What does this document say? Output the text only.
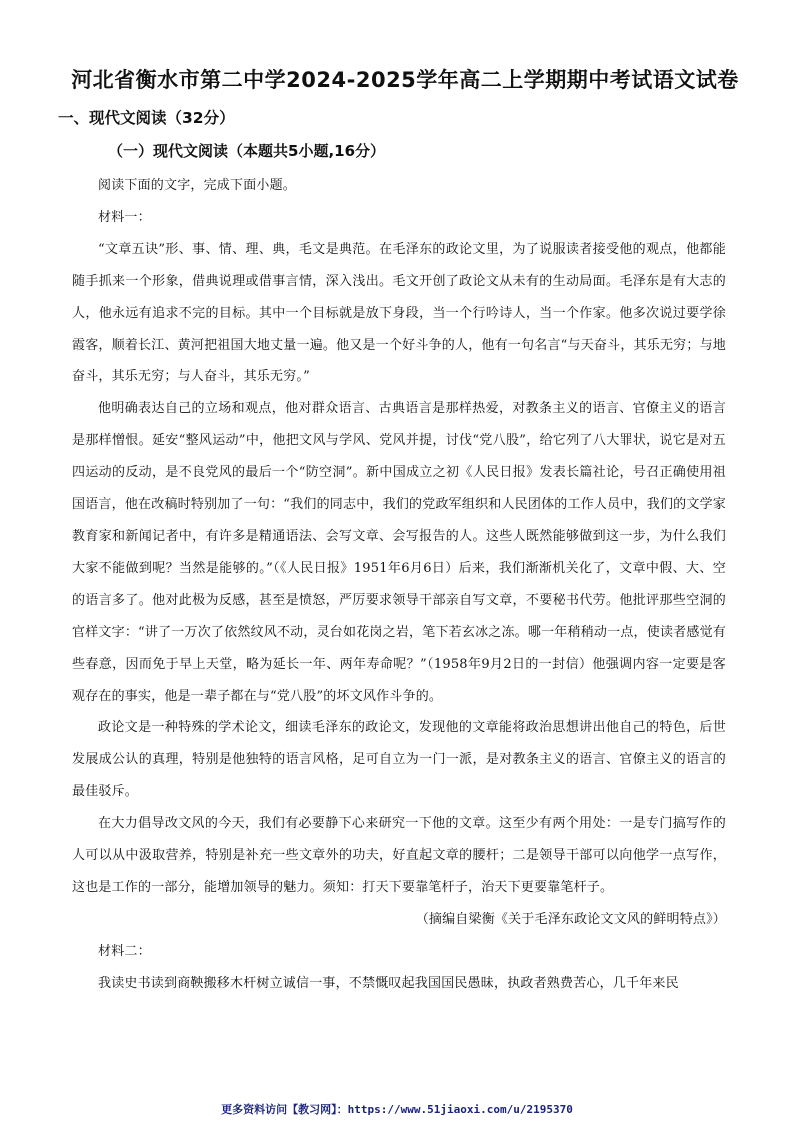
河北省衡水市第二中学2024-2025学年高二上学期期中考试语文试卷
一、现代文阅读（32分）
（一）现代文阅读（本题共5小题,16分）

阅读下面的文字，完成下面小题。

材料一：

“文章五诀”形、事、情、理、典，毛文是典范。在毛泽东的政论文里，为了说服读者接受他的观点，他都能随手抓来一个形象，借典说理或借事言情，深入浅出。毛文开创了政论文从未有的生动局面。毛泽东是有大志的人，他永远有追求不完的目标。其中一个目标就是放下身段，当一个行吟诗人，当一个作家。他多次说过要学徐霞客，顺着长江、黄河把祖国大地丈量一遍。他又是一个好斗争的人，他有一句名言“与天奋斗，其乐无穷；与地奋斗，其乐无穷；与人奋斗，其乐无穷。”

他明确表达自己的立场和观点，他对群众语言、古典语言是那样热爱，对教条主义的语言、官僚主义的语言是那样憎恨。延安“整风运动”中，他把文风与学风、党风并提，讨伐“党八股”，给它列了八大罪状，说它是对五四运动的反动，是不良党风的最后一个“防空洞”。新中国成立之初《人民日报》发表长篇社论，号召正确使用祖国语言，他在改稿时特别加了一句：“我们的同志中，我们的党政军组织和人民团体的工作人员中，我们的文学家教育家和新闻记者中，有许多是精通语法、会写文章、会写报告的人。这些人既然能够做到这一步，为什么我们大家不能做到呢？当然是能够的。”（《人民日报》1951年6月6日）后来，我们渐渐机关化了，文章中假、大、空的语言多了。他对此极为反感，甚至是愤怒，严厉要求领导干部亲自写文章，不要秘书代劳。他批评那些空洞的官样文字：“讲了一万次了依然纹风不动，灵台如花岗之岩，笔下若玄冰之冻。哪一年稍稍动一点，使读者感觉有些春意，因而免于早上天堂，略为延长一年、两年寿命呢？”（1958年9月2日的一封信）他强调内容一定要是客观存在的事实，他是一辈子都在与“党八股”的坏文风作斗争的。

政论文是一种特殊的学术论文，细读毛泽东的政论文，发现他的文章能将政治思想讲出他自己的特色，后世发展成公认的真理，特别是他独特的语言风格，足可自立为一门一派，是对教条主义的语言、官僚主义的语言的最佳驳斥。

在大力倡导改文风的今天，我们有必要静下心来研究一下他的文章。这至少有两个用处：一是专门搞写作的人可以从中汲取营养，特别是补充一些文章外的功夫，好直起文章的腰杆；二是领导干部可以向他学一点写作，这也是工作的一部分，能增加领导的魅力。须知：打天下要靠笔杆子，治天下更要靠笔杆子。

（摘编自梁衡《关于毛泽东政论文文风的鲜明特点》）

材料二：

我读史书读到商鞅搬移木杆树立诚信一事，不禁慨叹起我国国民愚昧，执政者熟费苦心，几千年来民

更多资料访问【教习网】：https://www.51jiaoxi.com/u/2195370
